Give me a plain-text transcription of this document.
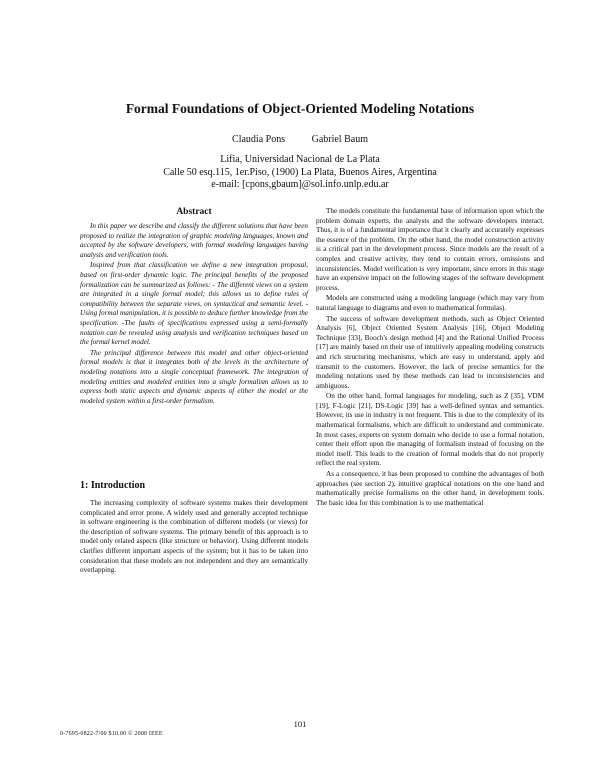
Formal Foundations of Object-Oriented Modeling Notations
Claudia Pons	Gabriel Baum
Lifia, Universidad Nacional de La Plata
Calle 50 esq.115, 1er.Piso, (1900) La Plata, Buenos Aires, Argentina
e-mail: [cpons,gbaum]@sol.info.unlp.edu.ar
Abstract

In this paper we describe and classify the different solutions that have been proposed to realize the integration of graphic modeling languages, known and accepted by the software developers, with formal modeling languages having analysis and verification tools.

Inspired from that classification we define a new integration proposal, based on first-order dynamic logic. The principal benefits of the proposed formalization can be summarized as follows: - The different views on a system are integrated in a single formal model; this allows us to define rules of compatibility between the separate views, on syntactical and semantic level. -Using formal manipulation, it is possible to deduce further knowledge from the specification. -The faults of specifications expressed using a semi-formally notation can be revealed using analysis and verification techniques based on the formal kernel model.

The principal difference between this model and other object-oriented formal models is that it integrates both of the levels in the architecture of modeling notations into a single conceptual framework. The integration of modeling entities and modeled entities into a single formalism allows us to express both static aspects and dynamic aspects of either the model or the modeled system within a first-order formalism.

1: Introduction

The increasing complexity of software systems makes their development complicated and error prone. A widely used and generally accepted technique in software engineering is the combination of different models (or views) for the description of software systems. The primary benefit of this approach is to model only related aspects (like structure or behavior). Using different models clarifies different important aspects of the system; but it has to be taken into consideration that these models are not independent and they are semantically overlapping.

The models constitute the fundamental base of information upon which the problem domain experts, the analysts and the software developers interact. Thus, it is of a fundamental importance that it clearly and accurately expresses the essence of the problem. On the other hand, the model construction activity is a critical part in the development process. Since models are the result of a complex and creative activity, they tend to contain errors, omissions and inconsistencies. Model verification is very important, since errors in this stage have an expensive impact on the following stages of the software development process.

Models are constructed using a modeling language (which may vary from natural language to diagrams and even to mathematical formulas).

The success of software development methods, such as Object Oriented Analysis [6], Object Oriented System Analysis [16], Object Modeling Technique [33], Booch's design method [4] and the Rational Unified Process [17] are mainly based on their use of intuitively appealing modeling constructs and rich structuring mechanisms, which are easy to understand, apply and transmit to the customers. However, the lack of precise semantics for the modeling notations used by these methods can lead to inconsistencies and ambiguous.

On the other hand, formal languages for modeling, such as Z [35], VDM [19], F-Logic [21], DS-Logic [39] has a well-defined syntax and semantics. However, its use in industry is not frequent. This is due to the complexity of its mathematical formalisms, which are difficult to understand and communicate. In most cases, experts on system domain who decide to use a formal notation, center their effort upon the managing of formalism instead of focusing on the model itself. This leads to the creation of formal models that do not properly reflect the real system.

As a consequence, it has been proposed to combine the advantages of both approaches (see section 2), intuitive graphical notations on the one hand and mathematically precise formalisms on the other hand, in development tools. The basic idea for this combination is to use mathematical

101
0-7695-0822-7/00 $10.00 © 2000 IEEE
